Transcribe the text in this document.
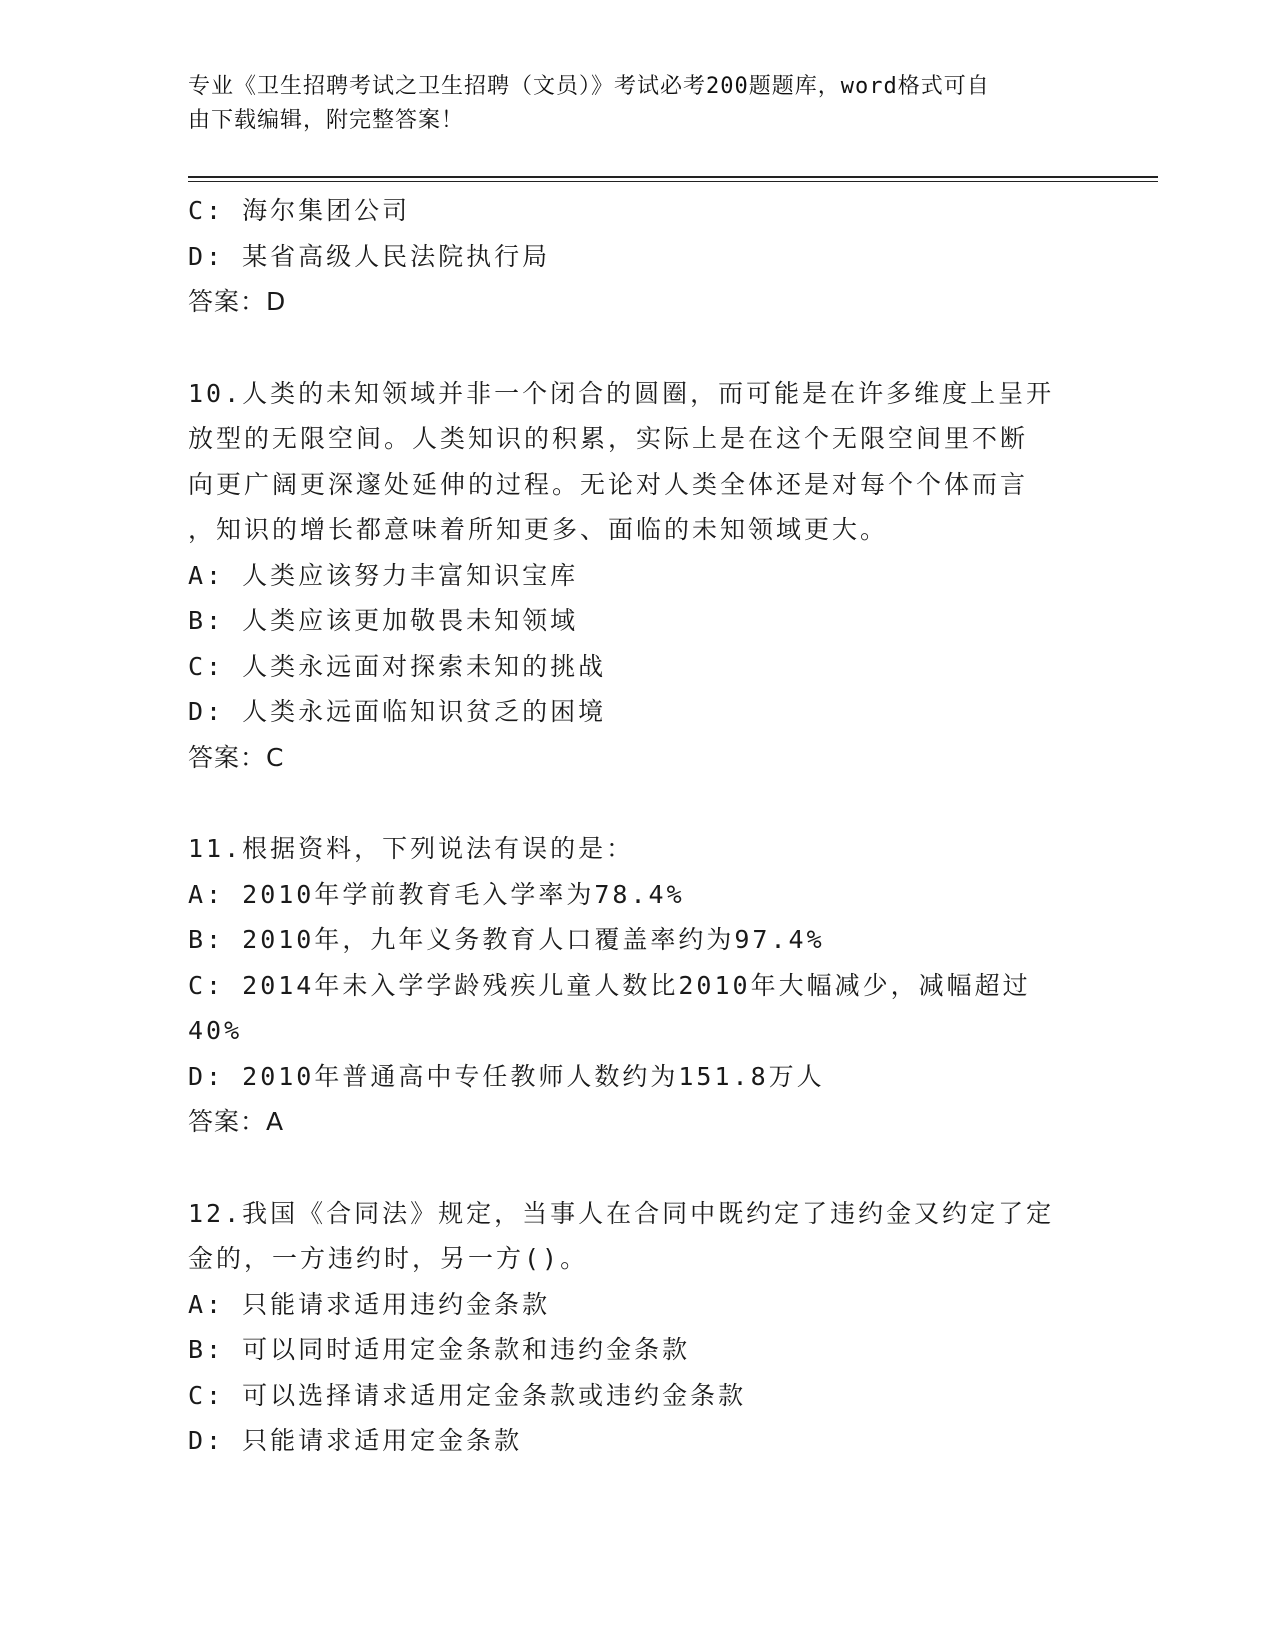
专业《卫生招聘考试之卫生招聘（文员）》考试必考200题题库，word格式可自
由下载编辑，附完整答案！
C: 海尔集团公司
D: 某省高级人民法院执行局
答案：D
10.人类的未知领域并非一个闭合的圆圈，而可能是在许多维度上呈开
放型的无限空间。人类知识的积累，实际上是在这个无限空间里不断
向更广阔更深邃处延伸的过程。无论对人类全体还是对每个个体而言
，知识的增长都意味着所知更多、面临的未知领域更大。
A: 人类应该努力丰富知识宝库
B: 人类应该更加敬畏未知领域
C: 人类永远面对探索未知的挑战
D: 人类永远面临知识贫乏的困境
答案：C
11.根据资料，下列说法有误的是：
A: 2010年学前教育毛入学率为78.4%
B: 2010年，九年义务教育人口覆盖率约为97.4%
C: 2014年未入学学龄残疾儿童人数比2010年大幅减少，减幅超过
40%
D: 2010年普通高中专任教师人数约为151.8万人
答案：A
12.我国《合同法》规定，当事人在合同中既约定了违约金又约定了定
金的，一方违约时，另一方()。
A: 只能请求适用违约金条款
B: 可以同时适用定金条款和违约金条款
C: 可以选择请求适用定金条款或违约金条款
D: 只能请求适用定金条款
